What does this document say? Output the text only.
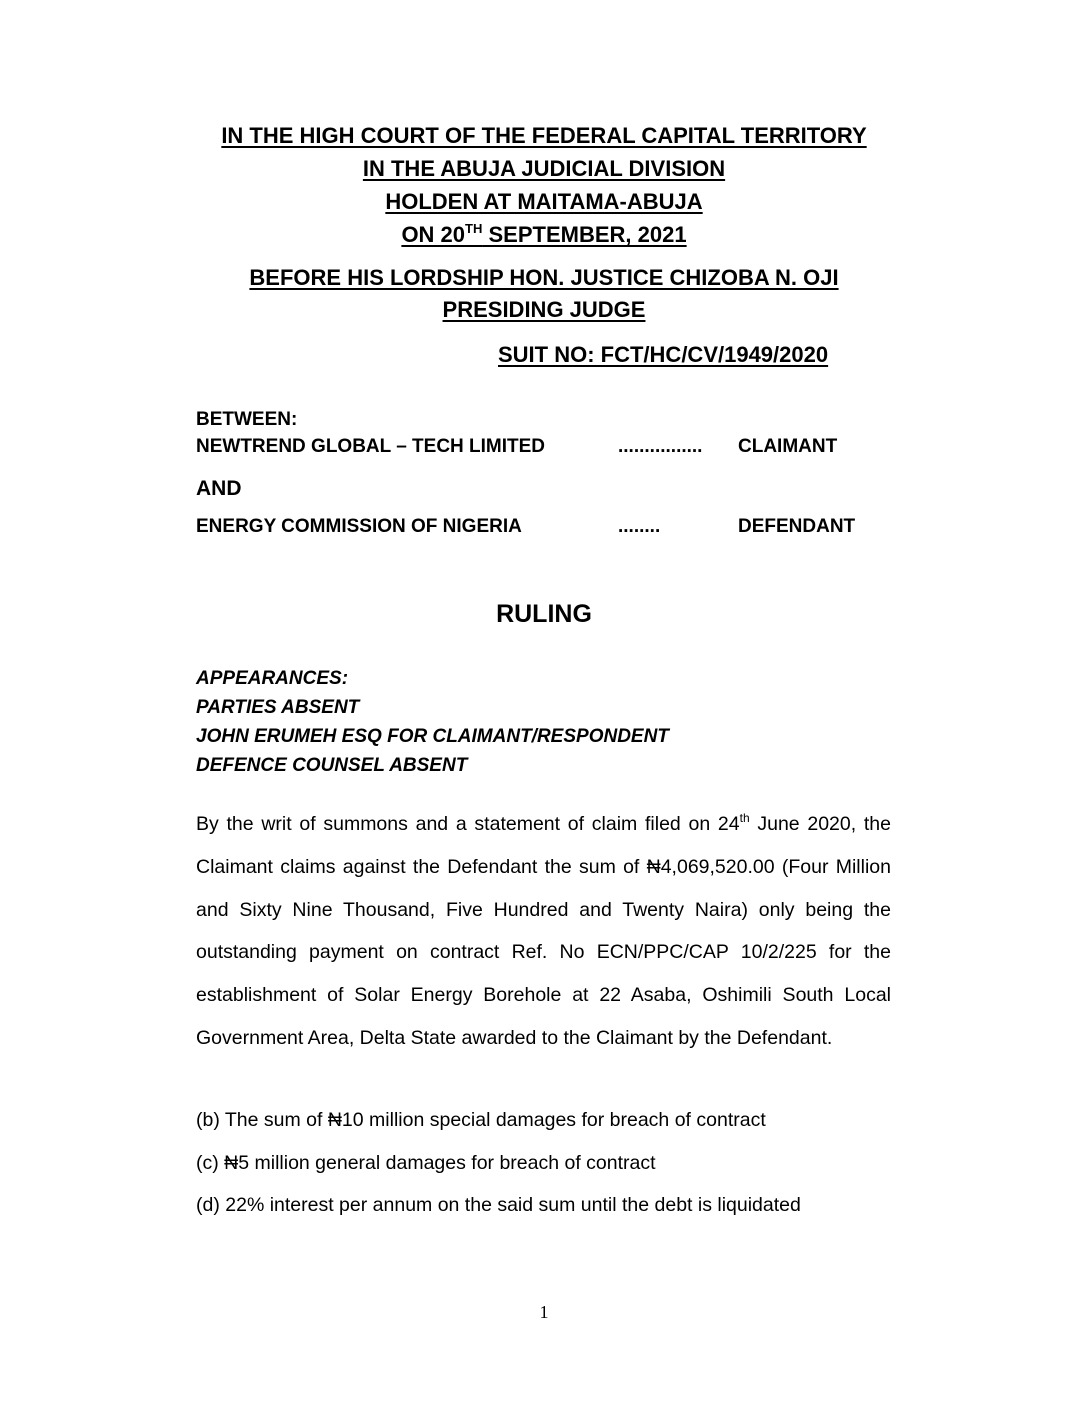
IN THE HIGH COURT OF THE FEDERAL CAPITAL TERRITORY
IN THE ABUJA JUDICIAL DIVISION
HOLDEN AT MAITAMA-ABUJA
ON 20TH SEPTEMBER, 2021
BEFORE HIS LORDSHIP HON. JUSTICE CHIZOBA N. OJI
PRESIDING JUDGE
SUIT NO: FCT/HC/CV/1949/2020
BETWEEN:
NEWTREND GLOBAL – TECH LIMITED	................ CLAIMANT
AND
ENERGY COMMISSION OF NIGERIA	........	DEFENDANT
RULING
APPEARANCES:
PARTIES ABSENT
JOHN ERUMEH ESQ FOR CLAIMANT/RESPONDENT
DEFENCE COUNSEL ABSENT
By the writ of summons and a statement of claim filed on 24th June 2020, the Claimant claims against the Defendant the sum of ₦4,069,520.00 (Four Million and Sixty Nine Thousand, Five Hundred and Twenty Naira) only being the outstanding payment on contract Ref. No ECN/PPC/CAP 10/2/225 for the establishment of Solar Energy Borehole at 22 Asaba, Oshimili South Local Government Area, Delta State awarded to the Claimant by the Defendant.
(b) The sum of ₦10 million special damages for breach of contract
(c) ₦5 million general damages for breach of contract
(d) 22% interest per annum on the said sum until the debt is liquidated
1
